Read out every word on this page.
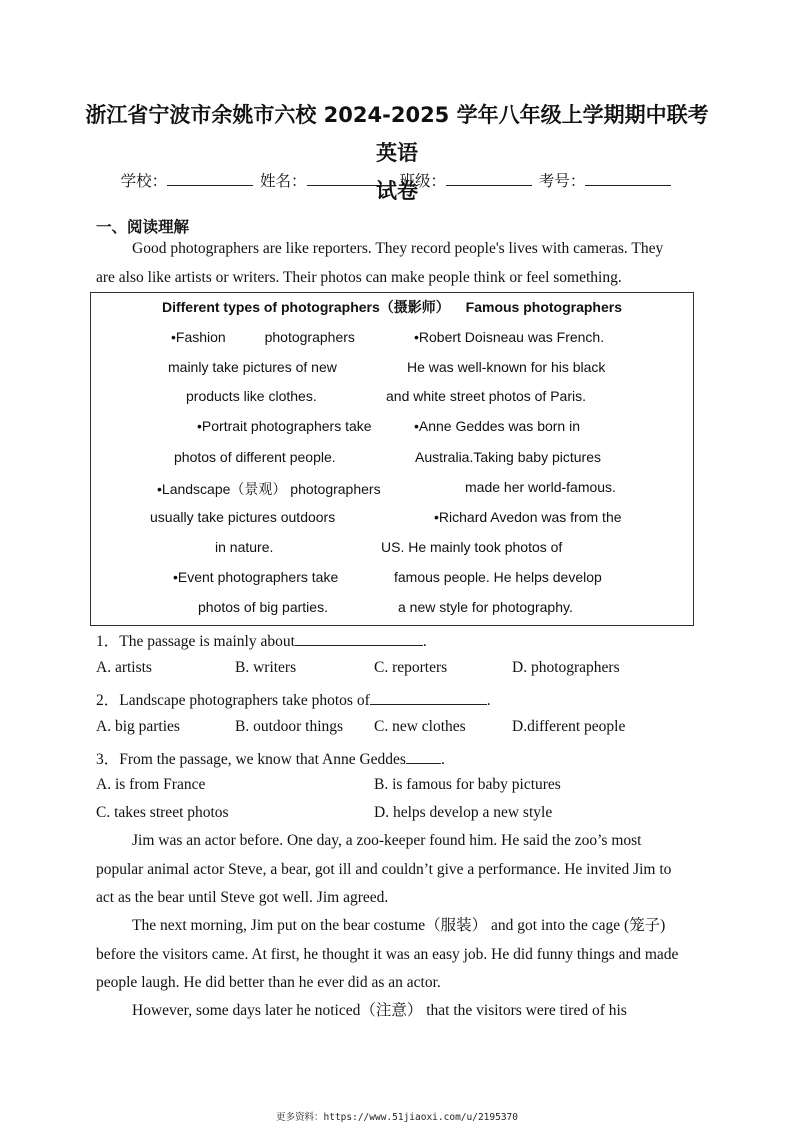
浙江省宁波市余姚市六校 2024-2025 学年八年级上学期期中联考英语
试卷
学校：	姓名：	班级：	考号：
一、阅读理解
Good photographers are like reporters. They record people's lives with cameras. They
are also like artists or writers. Their photos can make people think or feel something.
Different types of photographers（摄影师） Famous photographers
•Fashion          photographers
mainly take pictures of new
products like clothes.
•Portrait photographers take
photos of different people.
•Landscape（景观） photographers
usually take pictures outdoors
in nature.
•Event photographers take
photos of big parties.
•Robert Doisneau was French.
He was well-known for his black
and white street photos of Paris.
•Anne Geddes was born in
Australia.Taking baby pictures
made her world-famous.
•Richard Avedon was from the
US. He mainly took photos of
famous people. He helps develop
a new style for photography.
1．The passage is mainly about	.
A. artists	B. writers	C. reporters	D. photographers
2．Landscape photographers take photos of	.
A. big parties	B. outdoor things C. new clothes	D.different people
3．From the passage, we know that Anne Geddes .
A. is from France	B. is famous for baby pictures
C. takes street photos	D. helps develop a new style
Jim was an actor before. One day, a zoo-keeper found him. He said the zoo’s most
popular animal actor Steve, a bear, got ill and couldn’t give a performance. He invited Jim to
act as the bear until Steve got well. Jim agreed.
The next morning, Jim put on the bear costume（服装） and got into the cage (笼子)
before the visitors came. At first, he thought it was an easy job. He did funny things and made
people laugh. He did better than he ever did as an actor.
However, some days later he noticed（注意） that the visitors were tired of his
更多资料：https://www.51jiaoxi.com/u/2195370
